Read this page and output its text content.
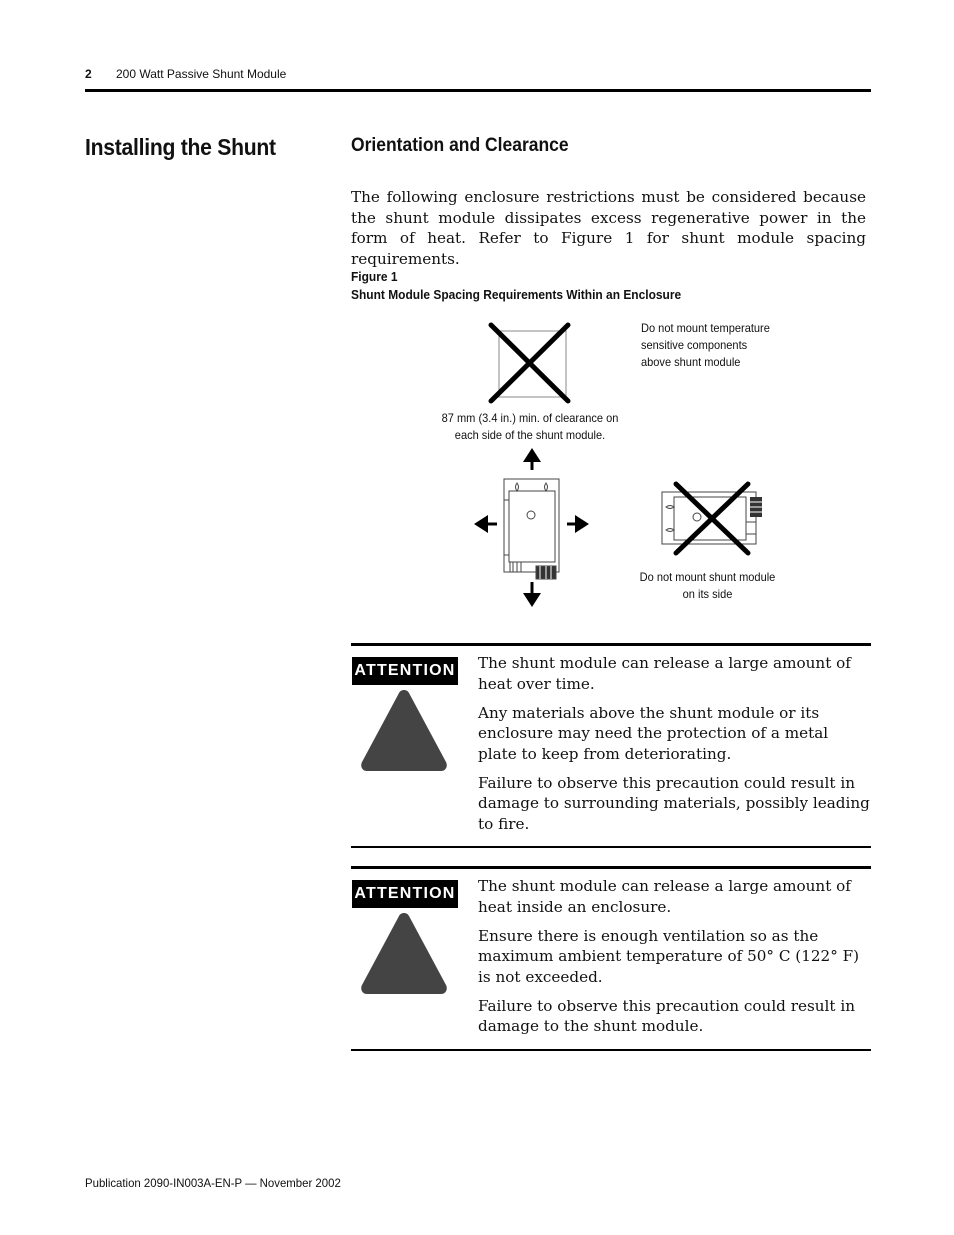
2 200 Watt Passive Shunt Module
Installing the Shunt	Orientation and Clearance
The following enclosure restrictions must be considered because the shunt module dissipates excess regenerative power in the form of heat. Refer to Figure 1 for shunt module spacing requirements.
Figure 1
Shunt Module Spacing Requirements Within an Enclosure
Do not mount temperature
sensitive components
above shunt module
87 mm (3.4 in.) min. of clearance on
each side of the shunt module.
Do not mount shunt module
on its side
ATTENTION The shunt module can release a large amount of heat over time.

Any materials above the shunt module or its enclosure may need the protection of a metal plate to keep from deteriorating.

Failure to observe this precaution could result in damage to surrounding materials, possibly leading to fire.

ATTENTION The shunt module can release a large amount of heat inside an enclosure.

Ensure there is enough ventilation so as the maximum ambient temperature of 50° C (122° F) is not exceeded.

Failure to observe this precaution could result in damage to the shunt module.

Publication 2090-IN003A-EN-P — November 2002
